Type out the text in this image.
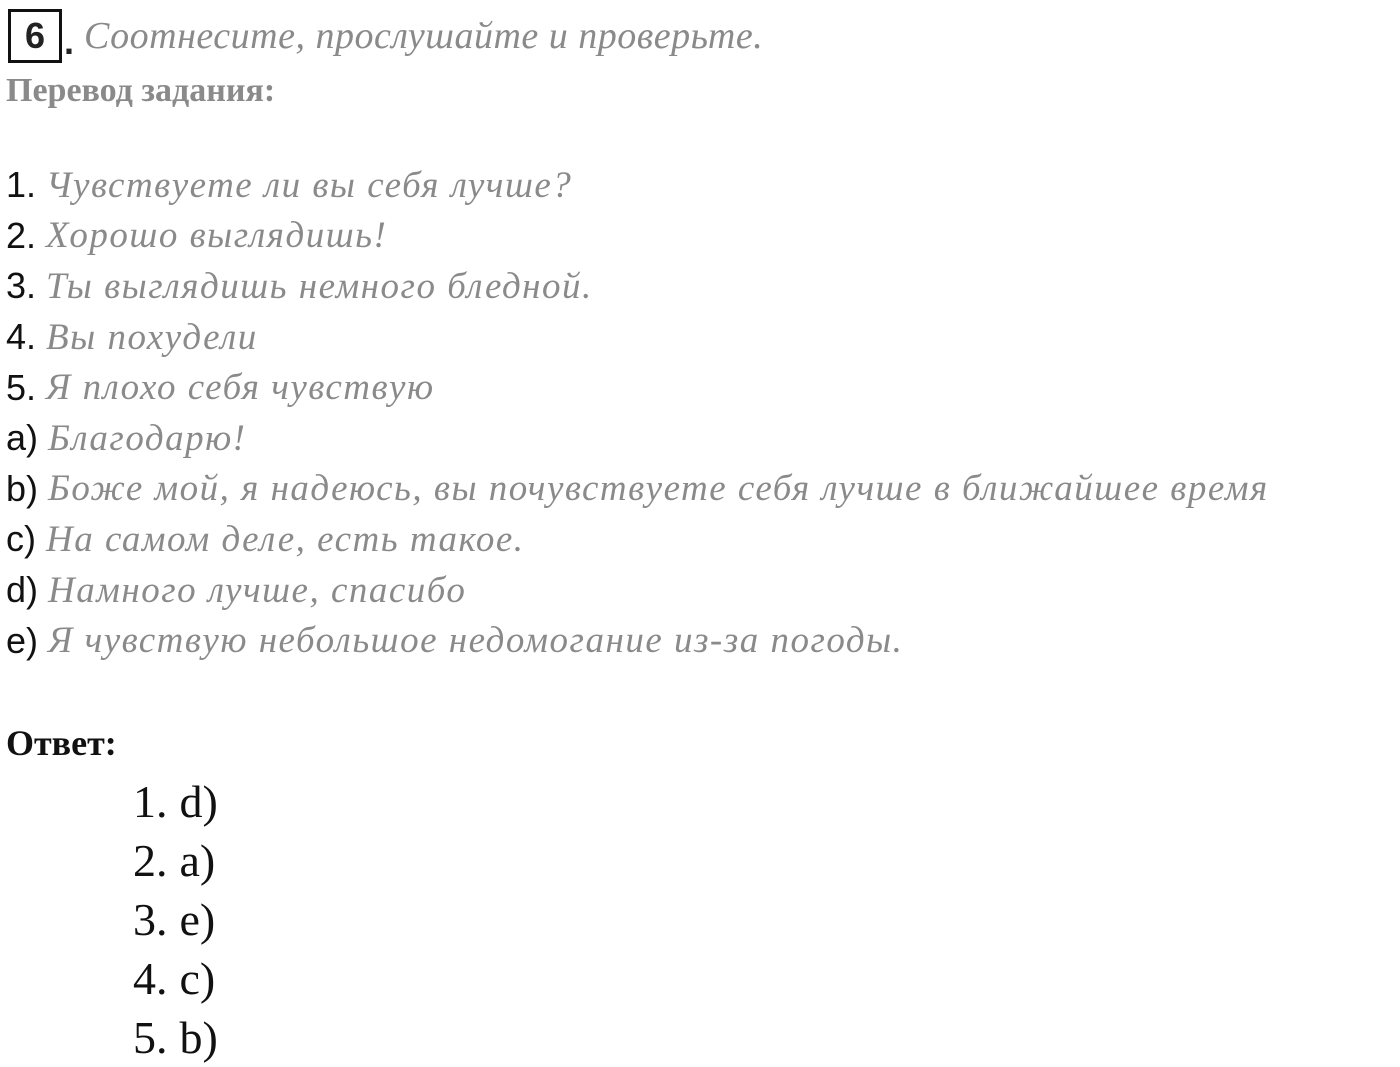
6 . Соотнесите, прослушайте и проверьте.
Перевод задания:
1. Чувствуете ли вы себя лучше?
2. Хорошо выглядишь!
3. Ты выглядишь немного бледной.
4. Вы похудели
5. Я плохо себя чувствую
a) Благодарю!
b) Боже мой, я надеюсь, вы почувствуете себя лучше в ближайшее время
c) На самом деле, есть такое.
d) Намного лучше, спасибо
e) Я чувствую небольшое недомогание из-за погоды.
Ответ:
1. d)
2. a)
3. e)
4. c)
5. b)
